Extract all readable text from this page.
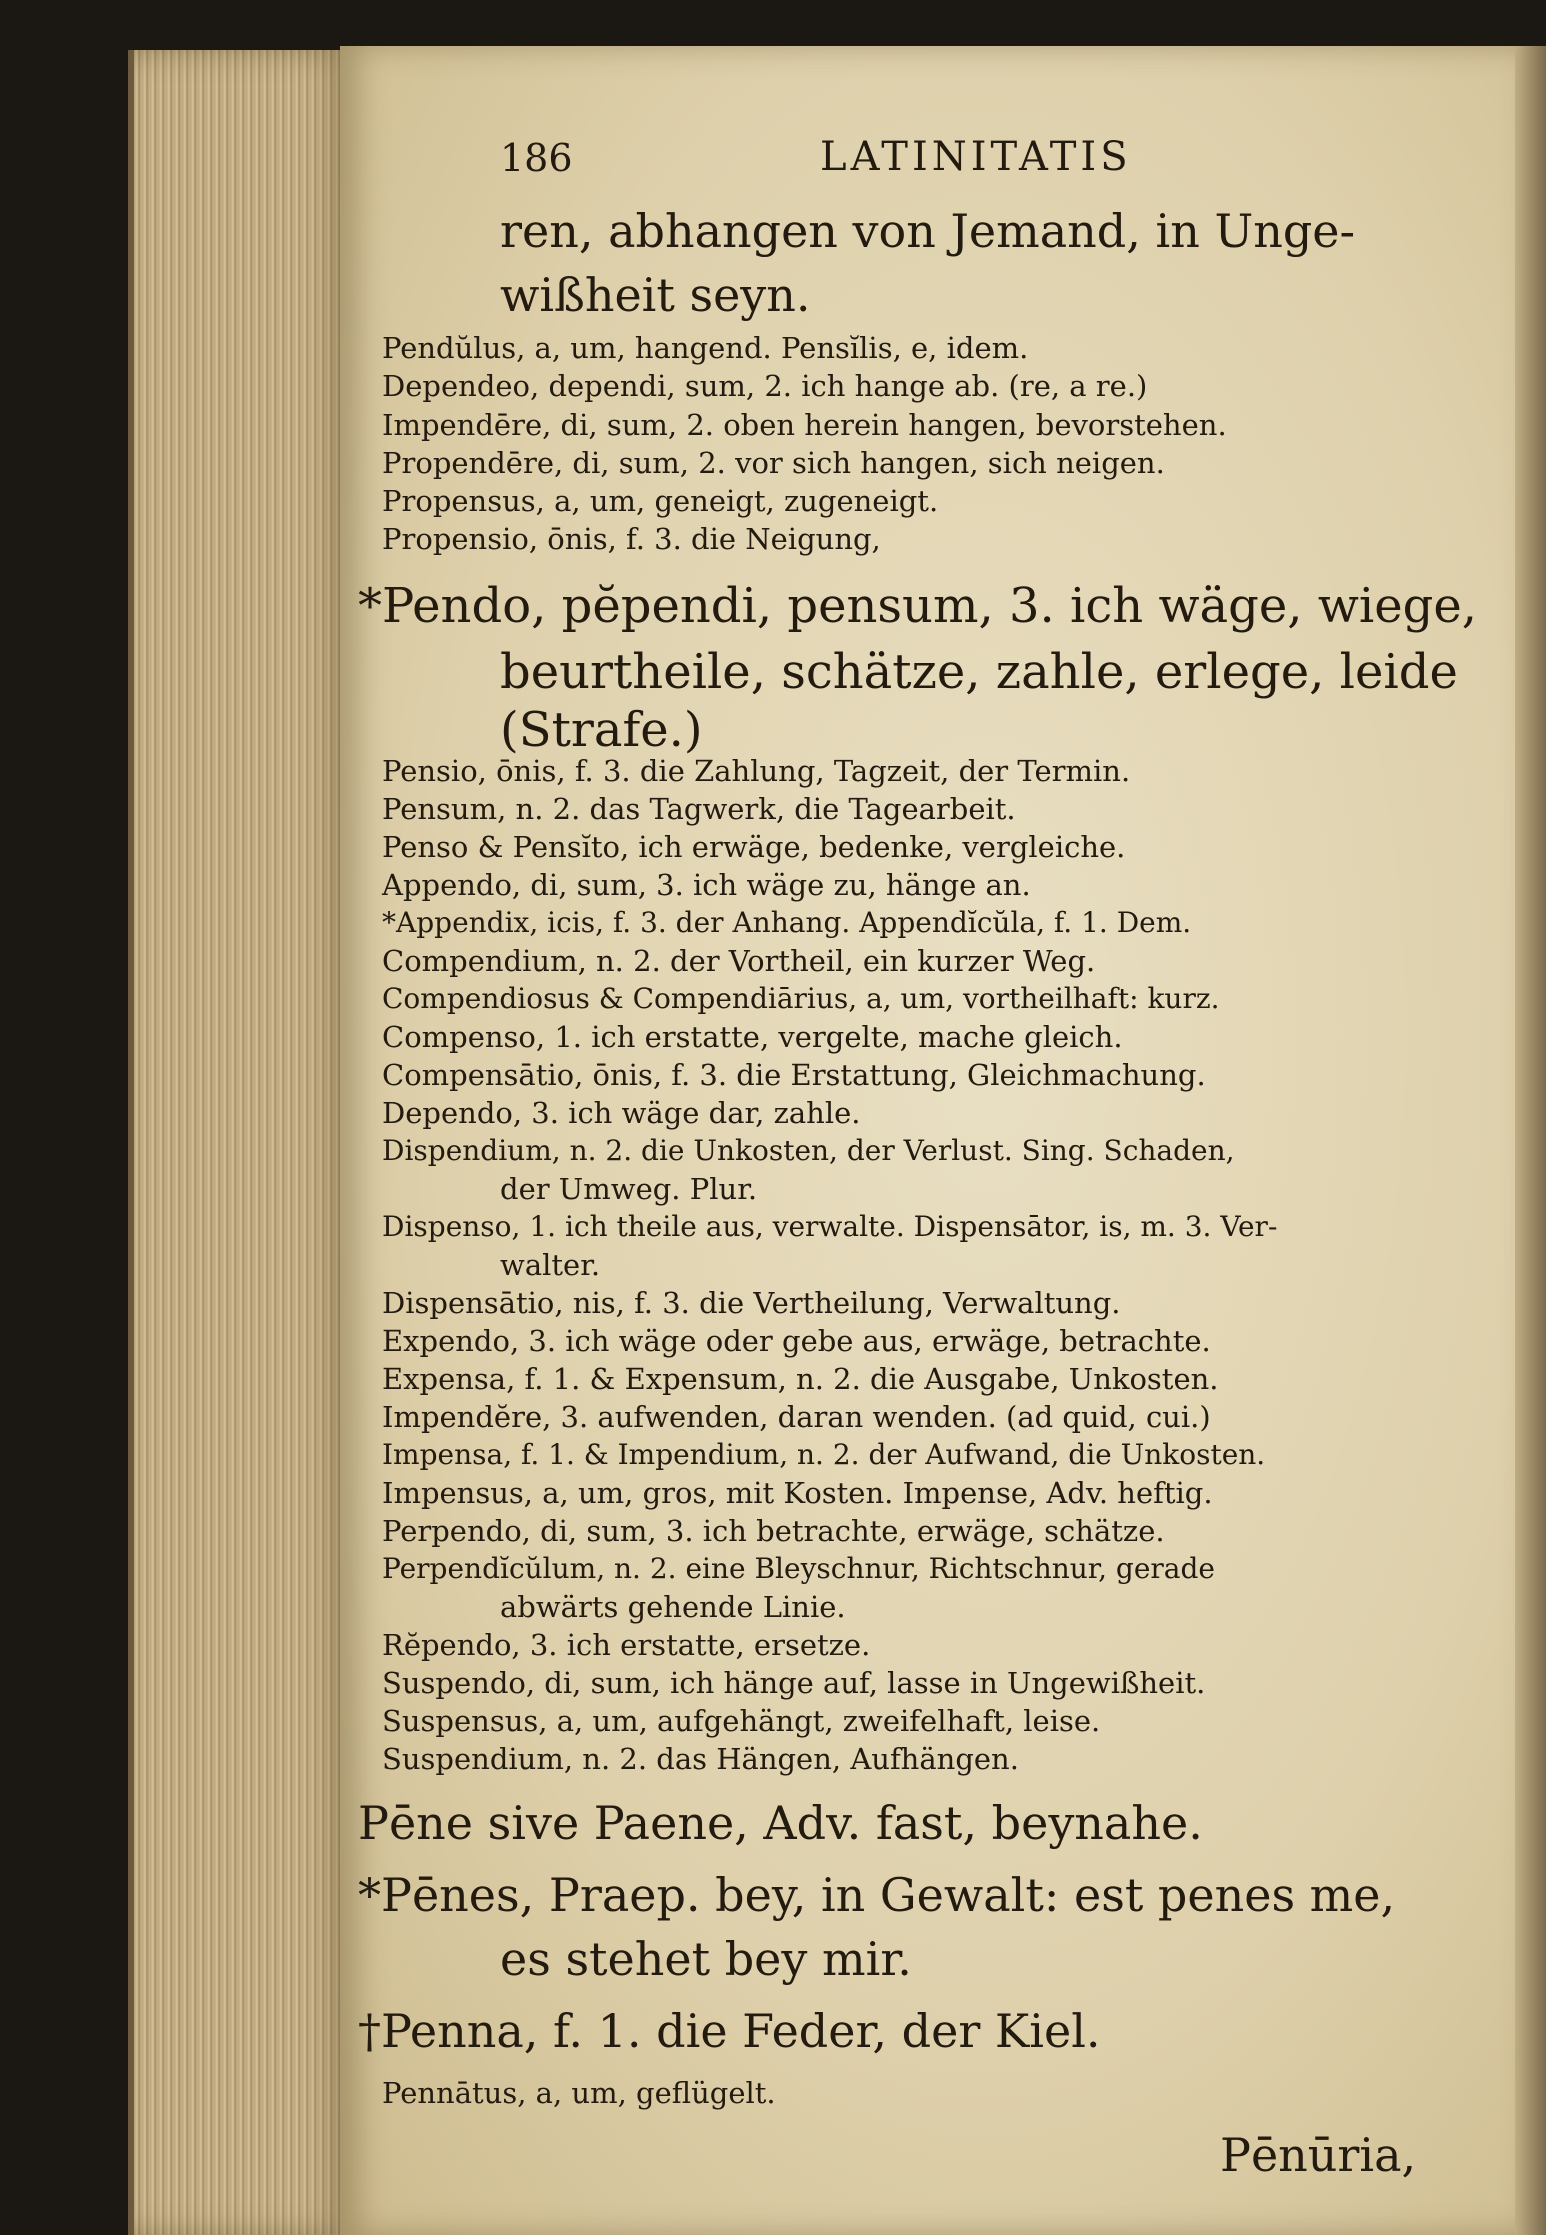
186	LATINITATIS
ren, abhangen von Jemand, in Unge-
wißheit seyn.
Pendŭlus, a, um, hangend. Pensĭlis, e, idem.
Dependeo, dependi, sum, 2. ich hange ab. (re, a re.)
Impendēre, di, sum, 2. oben herein hangen, bevorstehen.
Propendēre, di, sum, 2. vor sich hangen, sich neigen.
Propensus, a, um, geneigt, zugeneigt.
Propensio, ōnis, f. 3. die Neigung,
*Pendo, pĕpendi, pensum, 3. ich wäge, wiege,
beurtheile, schätze, zahle, erlege, leide
(Strafe.)
Pensio, ōnis, f. 3. die Zahlung, Tagzeit, der Termin.
Pensum, n. 2. das Tagwerk, die Tagearbeit.
Penso & Pensĭto, ich erwäge, bedenke, vergleiche.
Appendo, di, sum, 3. ich wäge zu, hänge an.
*Appendix, icis, f. 3. der Anhang. Appendĭcŭla, f. 1. Dem.
Compendium, n. 2. der Vortheil, ein kurzer Weg.
Compendiosus & Compendiārius, a, um, vortheilhaft: kurz.
Compenso, 1. ich erstatte, vergelte, mache gleich.
Compensātio, ōnis, f. 3. die Erstattung, Gleichmachung.
Dependo, 3. ich wäge dar, zahle.
Dispendium, n. 2. die Unkosten, der Verlust. Sing. Schaden,
der Umweg. Plur.
Dispenso, 1. ich theile aus, verwalte. Dispensātor, is, m. 3. Ver-
walter.
Dispensātio, nis, f. 3. die Vertheilung, Verwaltung.
Expendo, 3. ich wäge oder gebe aus, erwäge, betrachte.
Expensa, f. 1. & Expensum, n. 2. die Ausgabe, Unkosten.
Impendĕre, 3. aufwenden, daran wenden. (ad quid, cui.)
Impensa, f. 1. & Impendium, n. 2. der Aufwand, die Unkosten.
Impensus, a, um, gros, mit Kosten. Impense, Adv. heftig.
Perpendo, di, sum, 3. ich betrachte, erwäge, schätze.
Perpendĭcŭlum, n. 2. eine Bleyschnur, Richtschnur, gerade
abwärts gehende Linie.
Rĕpendo, 3. ich erstatte, ersetze.
Suspendo, di, sum, ich hänge auf, lasse in Ungewißheit.
Suspensus, a, um, aufgehängt, zweifelhaft, leise.
Suspendium, n. 2. das Hängen, Aufhängen.
Pēne sive Paene, Adv. fast, beynahe.
*Pēnes, Praep. bey, in Gewalt: est penes me,
es stehet bey mir.
†Penna, f. 1. die Feder, der Kiel.
Pennātus, a, um, geflügelt.
Pēnūria,
